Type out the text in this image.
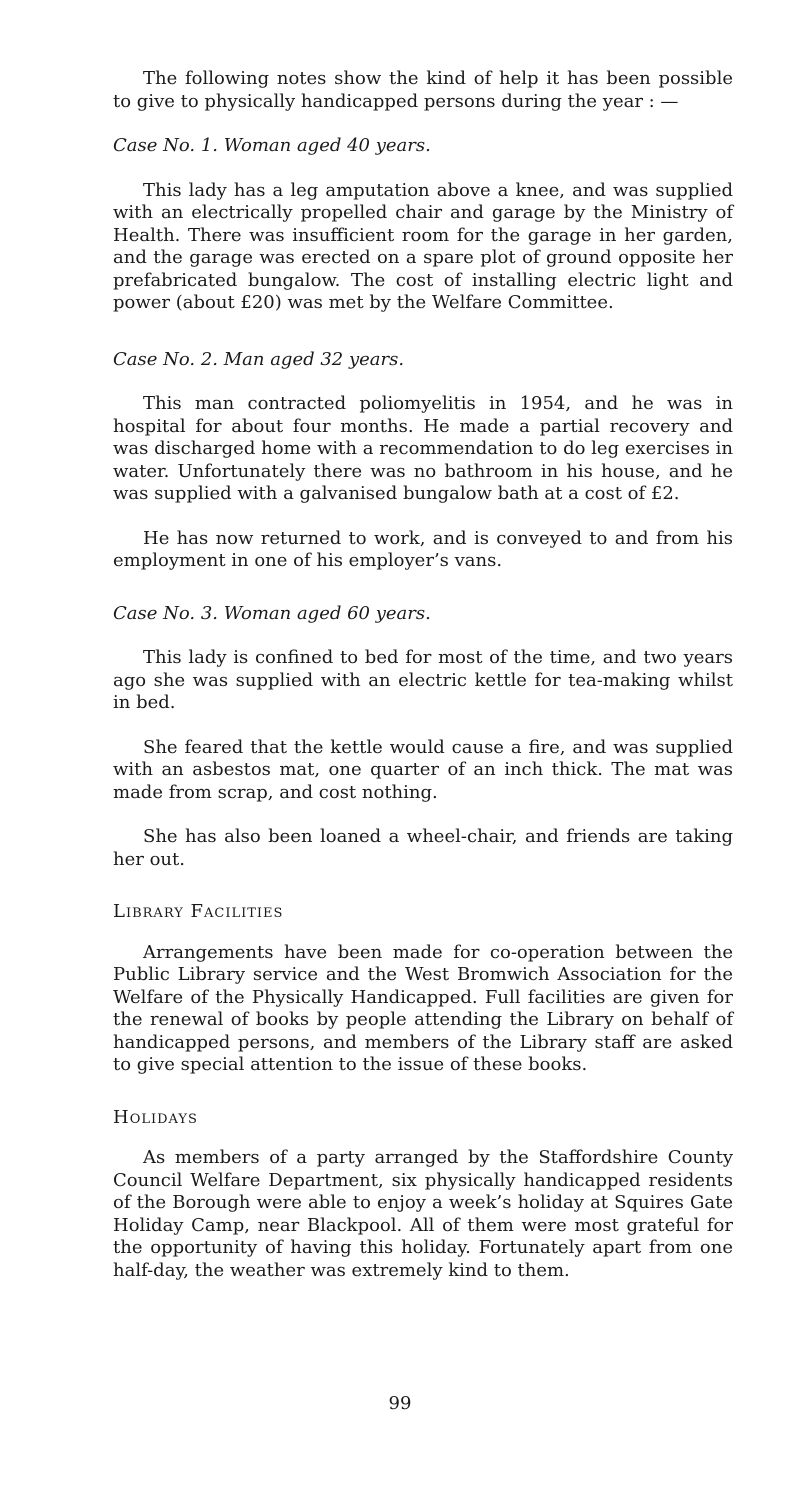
The following notes show the kind of help it has been possible to give to physically handicapped persons during the year : —

Case No. 1. Woman aged 40 years.

This lady has a leg amputation above a knee, and was supplied with an electrically propelled chair and garage by the Ministry of Health. There was insufficient room for the garage in her garden, and the garage was erected on a spare plot of ground opposite her prefabricated bungalow. The cost of installing electric light and power (about £20) was met by the Welfare Committee.

Case No. 2. Man aged 32 years.

This man contracted poliomyelitis in 1954, and he was in hospital for about four months. He made a partial recovery and was discharged home with a recommendation to do leg exercises in water. Unfortunately there was no bathroom in his house, and he was supplied with a galvanised bungalow bath at a cost of £2.

He has now returned to work, and is conveyed to and from his employment in one of his employer’s vans.

Case No. 3. Woman aged 60 years.

This lady is confined to bed for most of the time, and two years ago she was supplied with an electric kettle for tea-making whilst in bed.

She feared that the kettle would cause a fire, and was supplied with an asbestos mat, one quarter of an inch thick. The mat was made from scrap, and cost nothing.

She has also been loaned a wheel-chair, and friends are taking her out.

Library Facilities

Arrangements have been made for co-operation between the Public Library service and the West Bromwich Association for the Welfare of the Physically Handicapped. Full facilities are given for the renewal of books by people attending the Library on behalf of handicapped persons, and members of the Library staff are asked to give special attention to the issue of these books.

Holidays

As members of a party arranged by the Staffordshire County Council Welfare Department, six physically handicapped residents of the Borough were able to enjoy a week’s holiday at Squires Gate Holiday Camp, near Blackpool. All of them were most grateful for the opportunity of having this holiday. Fortunately apart from one half-day, the weather was extremely kind to them.

99
